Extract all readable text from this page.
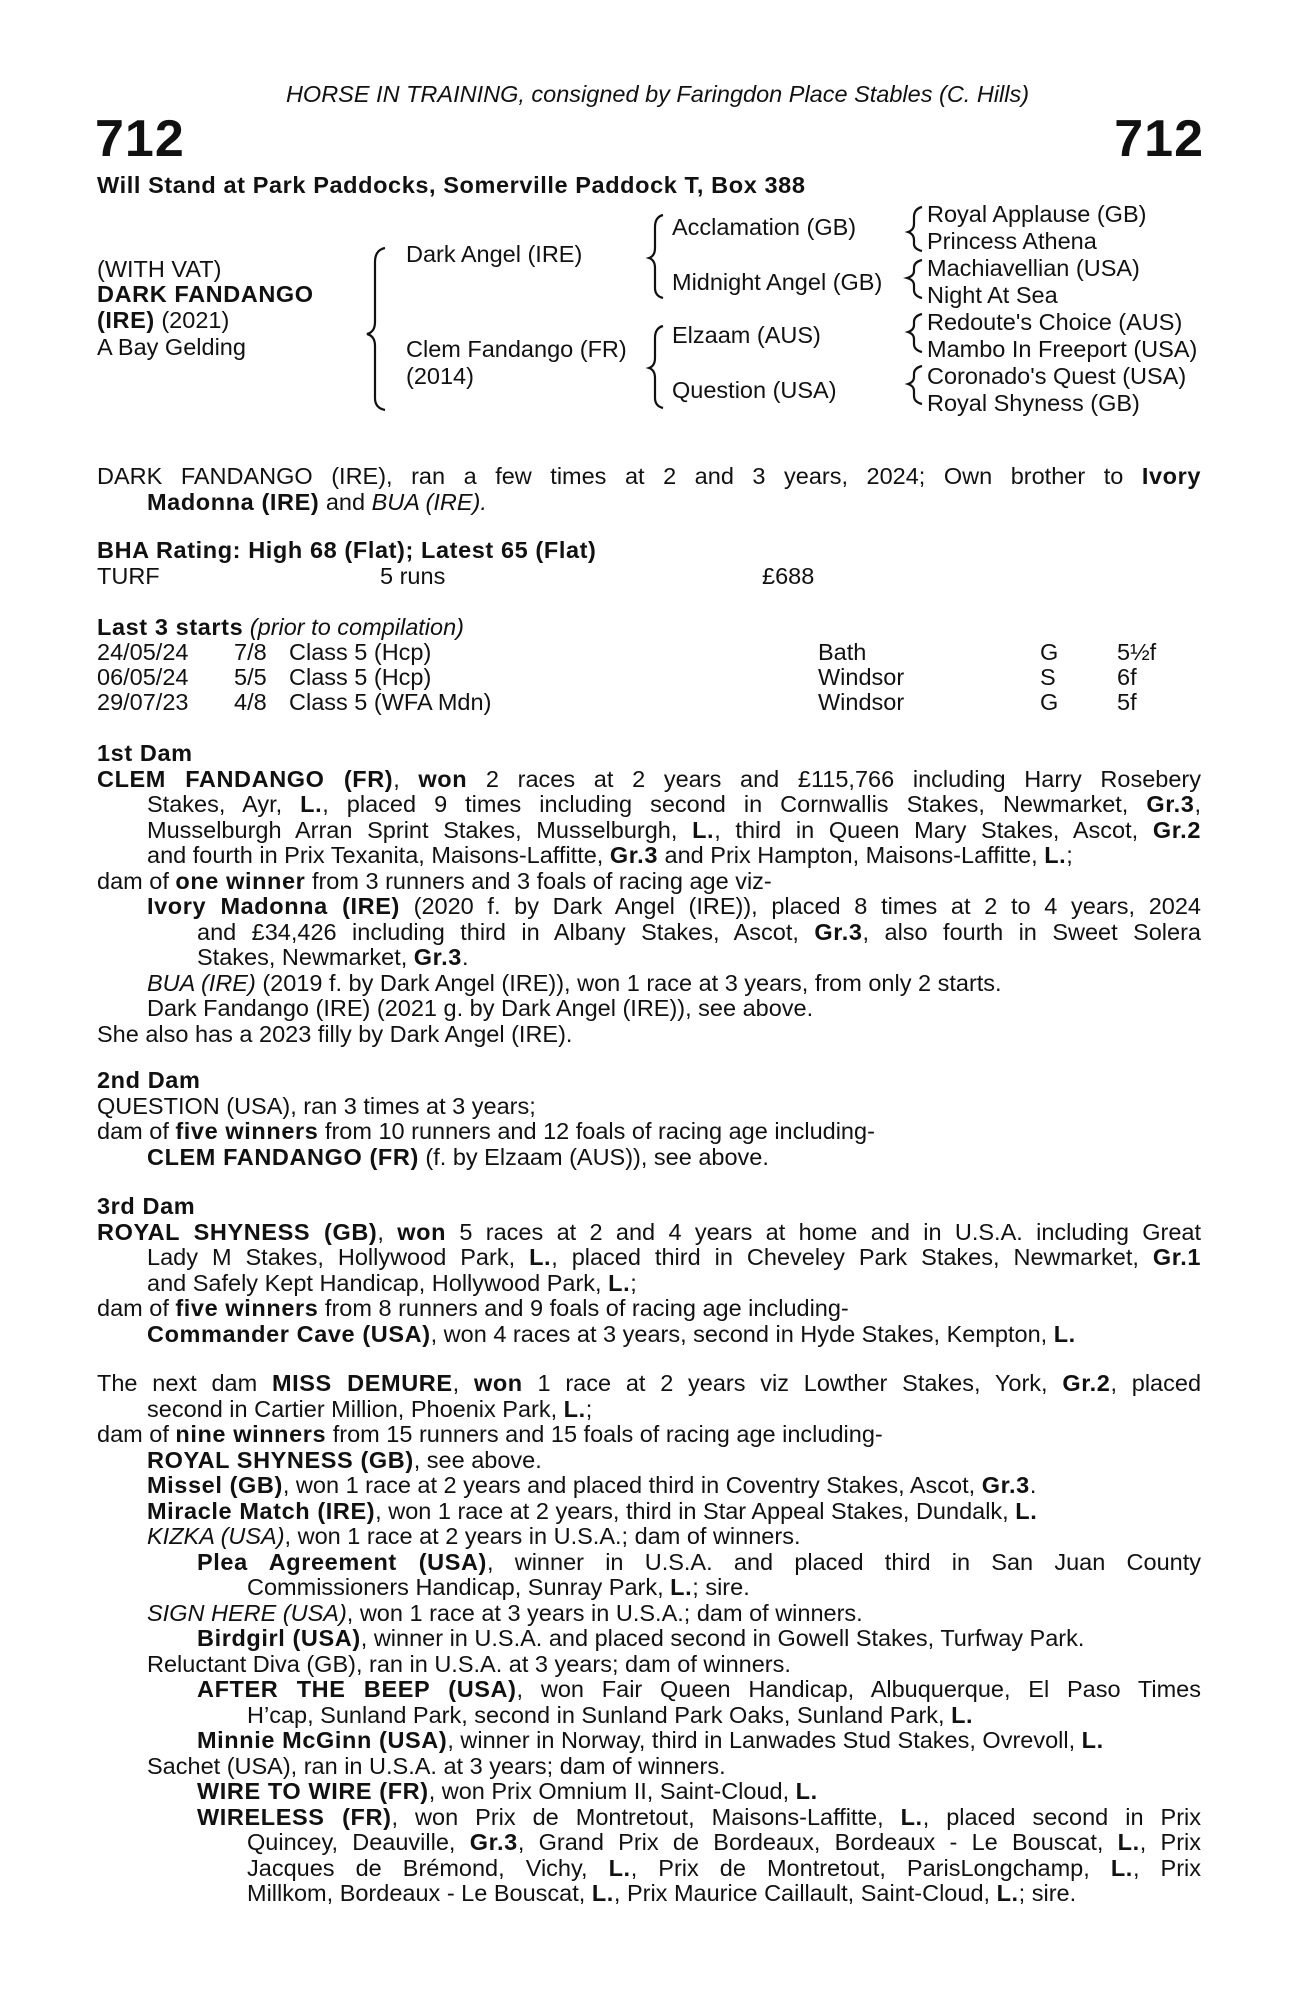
HORSE IN TRAINING, consigned by Faringdon Place Stables (C. Hills)
712	712
Will Stand at Park Paddocks, Somerville Paddock T, Box 388
(WITH VAT)
DARK FANDANGO
(IRE) (2021)
A Bay Gelding
Dark Angel (IRE)
Clem Fandango (FR)
(2014)
Acclamation (GB)
Midnight Angel (GB)
Elzaam (AUS)
Question (USA)
Royal Applause (GB)
Princess Athena
Machiavellian (USA)
Night At Sea
Redoute's Choice (AUS)
Mambo In Freeport (USA)
Coronado's Quest (USA)
Royal Shyness (GB)
DARK FANDANGO (IRE), ran a few times at 2 and 3 years, 2024; Own brother to Ivory
Madonna (IRE) and BUA (IRE).
BHA Rating: High 68 (Flat); Latest 65 (Flat)
TURF	5 runs	£688
Last 3 starts (prior to compilation)
24/05/24 7/8 Class 5 (Hcp)	Bath	G 5½f
06/05/24 5/5 Class 5 (Hcp)	Windsor	S	6f
29/07/23 4/8 Class 5 (WFA Mdn)	Windsor	G 5f
1st Dam
CLEM FANDANGO (FR), won 2 races at 2 years and £115,766 including Harry Rosebery
Stakes, Ayr, L., placed 9 times including second in Cornwallis Stakes, Newmarket, Gr.3,
Musselburgh Arran Sprint Stakes, Musselburgh, L., third in Queen Mary Stakes, Ascot, Gr.2
and fourth in Prix Texanita, Maisons-Laffitte, Gr.3 and Prix Hampton, Maisons-Laffitte, L.;
dam of one winner from 3 runners and 3 foals of racing age viz-
Ivory Madonna (IRE) (2020 f. by Dark Angel (IRE)), placed 8 times at 2 to 4 years, 2024
and £34,426 including third in Albany Stakes, Ascot, Gr.3, also fourth in Sweet Solera
Stakes, Newmarket, Gr.3.
BUA (IRE) (2019 f. by Dark Angel (IRE)), won 1 race at 3 years, from only 2 starts.
Dark Fandango (IRE) (2021 g. by Dark Angel (IRE)), see above.
She also has a 2023 filly by Dark Angel (IRE).
2nd Dam
QUESTION (USA), ran 3 times at 3 years;
dam of five winners from 10 runners and 12 foals of racing age including-
CLEM FANDANGO (FR) (f. by Elzaam (AUS)), see above.
3rd Dam
ROYAL SHYNESS (GB), won 5 races at 2 and 4 years at home and in U.S.A. including Great
Lady M Stakes, Hollywood Park, L., placed third in Cheveley Park Stakes, Newmarket, Gr.1
and Safely Kept Handicap, Hollywood Park, L.;
dam of five winners from 8 runners and 9 foals of racing age including-
Commander Cave (USA), won 4 races at 3 years, second in Hyde Stakes, Kempton, L.
The next dam MISS DEMURE, won 1 race at 2 years viz Lowther Stakes, York, Gr.2, placed
second in Cartier Million, Phoenix Park, L.;
dam of nine winners from 15 runners and 15 foals of racing age including-
ROYAL SHYNESS (GB), see above.
Missel (GB), won 1 race at 2 years and placed third in Coventry Stakes, Ascot, Gr.3.
Miracle Match (IRE), won 1 race at 2 years, third in Star Appeal Stakes, Dundalk, L.
KIZKA (USA), won 1 race at 2 years in U.S.A.; dam of winners.
Plea Agreement (USA), winner in U.S.A. and placed third in San Juan County
Commissioners Handicap, Sunray Park, L.; sire.
SIGN HERE (USA), won 1 race at 3 years in U.S.A.; dam of winners.
Birdgirl (USA), winner in U.S.A. and placed second in Gowell Stakes, Turfway Park.
Reluctant Diva (GB), ran in U.S.A. at 3 years; dam of winners.
AFTER THE BEEP (USA), won Fair Queen Handicap, Albuquerque, El Paso Times
H’cap, Sunland Park, second in Sunland Park Oaks, Sunland Park, L.
Minnie McGinn (USA), winner in Norway, third in Lanwades Stud Stakes, Ovrevoll, L.
Sachet (USA), ran in U.S.A. at 3 years; dam of winners.
WIRE TO WIRE (FR), won Prix Omnium II, Saint-Cloud, L.
WIRELESS (FR), won Prix de Montretout, Maisons-Laffitte, L., placed second in Prix
Quincey, Deauville, Gr.3, Grand Prix de Bordeaux, Bordeaux - Le Bouscat, L., Prix
Jacques de Brémond, Vichy, L., Prix de Montretout, ParisLongchamp, L., Prix
Millkom, Bordeaux - Le Bouscat, L., Prix Maurice Caillault, Saint-Cloud, L.; sire.
